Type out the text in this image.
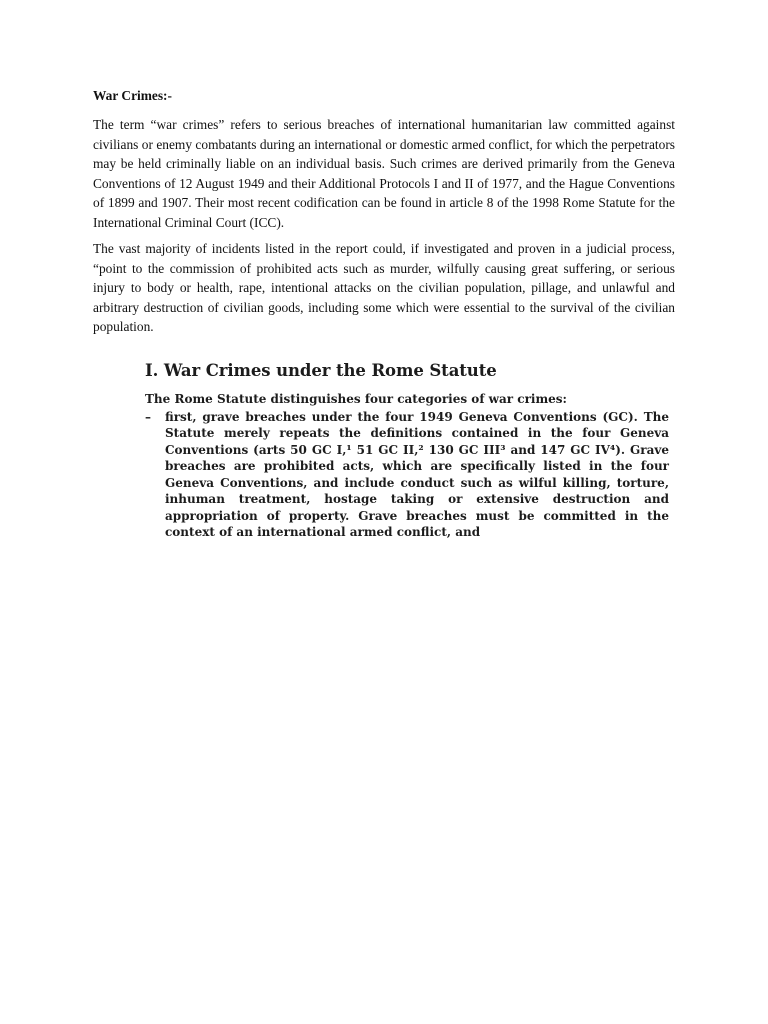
War Crimes:-

The term “war crimes” refers to serious breaches of international humanitarian law committed against civilians or enemy combatants during an international or domestic armed conflict, for which the perpetrators may be held criminally liable on an individual basis. Such crimes are derived primarily from the Geneva Conventions of 12 August 1949 and their Additional Protocols I and II of 1977, and the Hague Conventions of 1899 and 1907. Their most recent codification can be found in article 8 of the 1998 Rome Statute for the International Criminal Court (ICC).

The vast majority of incidents listed in the report could, if investigated and proven in a judicial process, “point to the commission of prohibited acts such as murder, wilfully causing great suffering, or serious injury to body or health, rape, intentional attacks on the civilian population, pillage, and unlawful and arbitrary destruction of civilian goods, including some which were essential to the survival of the civilian population.

I. War Crimes under the Rome Statute
The Rome Statute distinguishes four categories of war crimes:
–	first, grave breaches under the four 1949 Geneva Conventions (GC). The Statute merely repeats the definitions contained in the four Geneva Conventions (arts 50 GC I,¹ 51 GC II,² 130 GC III³ and 147 GC IV⁴). Grave breaches are prohibited acts, which are specifically listed in the four Geneva Conventions, and include conduct such as wilful killing, torture, inhuman treatment, hostage taking or extensive destruction and appropriation of property. Grave breaches must be committed in the context of an international armed conflict, and
